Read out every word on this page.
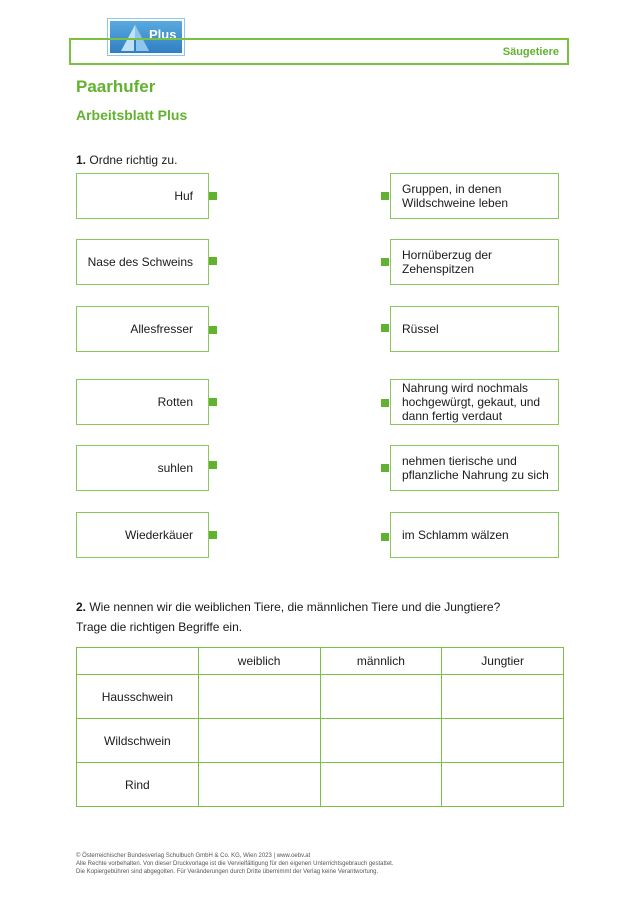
Plus
Säugetiere
Paarhufer
Arbeitsblatt Plus
1. Ordne richtig zu.
Huf
Nase des Schweins
Allesfresser
Rotten
suhlen
Wiederkäuer
Gruppen, in denen Wildschweine leben
Hornüberzug der Zehenspitzen
Rüssel
Nahrung wird nochmals hochgewürgt, gekaut, und dann fertig verdaut
nehmen tierische und pflanzliche Nahrung zu sich
im Schlamm wälzen
2. Wie nennen wir die weiblichen Tiere, die männlichen Tiere und die Jungtiere?
Trage die richtigen Begriffe ein.
	weiblich	männlich	Jungtier
Hausschwein			
Wildschwein			
Rind			
© Österreichischer Bundesverlag Schulbuch GmbH & Co. KG, Wien 2023 | www.oebv.at
Alle Rechte vorbehalten. Von dieser Druckvorlage ist die Vervielfältigung für den eigenen Unterrichtsgebrauch gestattet.
Die Kopiergebühren sind abgegolten. Für Veränderungen durch Dritte übernimmt der Verlag keine Verantwortung.
